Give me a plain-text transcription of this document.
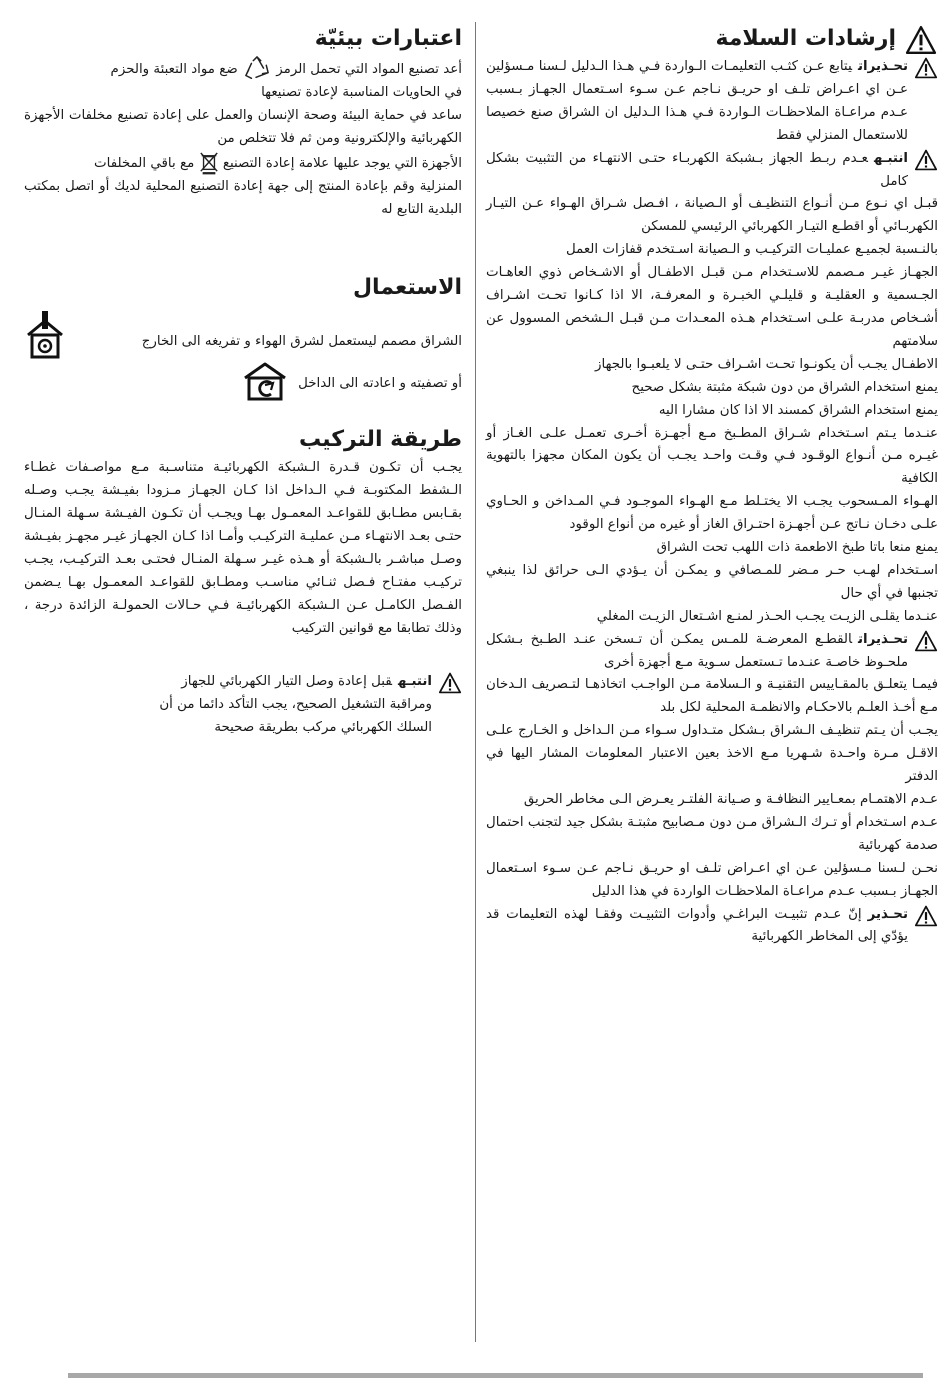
إرشادات السلامة

تحـذيراتيتابع عـن كثـب التعليمـات الـواردة فـي هـذا الـدليل لـسنا مـسؤلين عـن اي اعـراض تلـف او حريـق نـاجم عـن سـوء اسـتعمال الجهـاز بـسبب عـدم مراعـاة الملاحظـات الـواردة فـي هـذا الـدليل ان الشراق صنع خصيصا للاستعمال المنزلي فقط

انتبـهعـدم ربـط الجهاز بـشبكة الكهربـاء حتـى الانتهـاء من التثبيت بشكل كامل

قبـل اي نـوع مـن أنـواع التنظيـف أو الـصيانة ، افـصل شـراق الهـواء عـن التيـار الكهربـائي أو اقطـع التيـار الكهربائي الرئيسي للمسكن

بالنـسبة لجميـع عمليـات التركيـب و الـصيانة اسـتخدم قفازات العمل

الجهـاز غيـر مـصمم للاسـتخدام مـن قبـل الاطفـال أو الاشـخاص ذوي العاهـات الجـسمية و العقليـة و قليلـي الخبـرة و المعرفـة، الا اذا كـانوا تحـت اشـراف أشـخاص مدربـة علـى اسـتخدام هـذه المعـدات مـن قبـل الـشخص المسوول عن سلامتهم

الاطفـال يجـب أن يكونـوا تحـت اشـراف حتـى لا يلعبـوا بالجهاز

يمنع استخدام الشراق من دون شبكة مثبتة بشكل صحيح

يمنع استخدام الشراق كمسند الا اذا كان مشارا اليه

عنـدما يـتم اسـتخدام شـراق المطـبخ مـع أجهـزة أخـرى تعمـل علـى الغـاز أو غيـره مـن أنـواع الوقـود فـي وقـت واحـد يجـب أن يكون المكان مجهزا بالتهوية الكافية

الهـواء المـسحوب يجـب الا يختـلط مـع الهـواء الموجـود فـي المـداخن و الحـاوي علـى دخـان نـاتج عـن أجهـزة احتـراق الغاز أو غيره من أنواع الوقود

يمنع منعا باتا طبخ الاطعمة ذات اللهب تحت الشراق

اسـتخدام لهـب حـر مـضر للمـصافي و يمكـن أن يـؤدي الـى حرائق لذا ينبغي تجنبها في أي حال

عنـدما يقلـى الزيـت يجـب الحـذر لمنـع اشـتعال الزيـت المغلي

تحـذيراتالقطـع المعرضـة للمـس يمكـن أن تـسخن عنـد الطـبخ بـشكل ملحـوظ خاصـة عنـدما تـستعمل سـوية مـع أجهزة أخرى

فيمـا يتعلـق بالمقـاييس التقنيـة و الـسلامة مـن الواجـب اتخاذهـا لتـصريف الـدخان مـع أخـذ العلـم بالاحكـام والانظمـة المحلية لكل بلد

يجـب أن يـتم تنظيـف الـشراق بـشكل متـداول سـواء مـن الـداخل و الخـارج علـى الاقـل مـرة واحـدة شـهريا مـع الاخذ بعين الاعتبار المعلومات المشار اليها في الدفتر

عـدم الاهتمـام بمعـايير النظافـة و صـيانة الفلتـر يعـرض الـى مخاطر الحريق

عـدم اسـتخدام أو تـرك الـشراق مـن دون مـصابيح مثبتـة بشكل جيد لتجنب احتمال صدمة كهربائية

نحـن لـسنا مـسؤلين عـن اي اعـراض تلـف او حريـق نـاجم عـن سـوء اسـتعمال الجهـاز بـسبب عـدم مراعـاة الملاحظـات الواردة في هذا الدليل

تحـذيرإنّ عـدم تثبيـت البراغـي وأدوات التثبيـت وفقـا لهذه التعليمات قد يؤدّي إلى المخاطر الكهربائية

اعتبارات بيئيّة

أعد تصنيع المواد التي تحمل الرمز  ضع مواد التعبئة والحزم

في الحاويات المناسبة لإعادة تصنيعها

ساعد في حماية البيئة وصحة الإنسان والعمل على إعادة تصنيع مخلفات الأجهزة الكهربائية والإلكترونية ومن ثم فلا تتخلص من

الأجهزة التي يوجد عليها علامة إعادة التصنيع  مع باقي المخلفات

المنزلية وقم بإعادة المنتج إلى جهة إعادة التصنيع المحلية لديك أو اتصل بمكتب البلدية التابع له

الاستعمال

الشراق مصمم ليستعمل لشرق الهواء و تفريغه الى الخارج

أو تصفيته و اعادته الى الداخل

طريقة التركيب

يجـب أن تكـون قـدرة الـشبكة الكهربائيـة متناسـبة مـع مواصـفات غطـاء الـشفط المكتوبـة فـي الـداخل اذا كـان الجهـاز مـزودا بفيـشة يجـب وصـله بقـابس مطـابق للقواعـد المعمـول بهـا ويجـب أن تكـون الفيـشة سـهلة المنـال حتـى بعـد الانتهـاء مـن عمليـة التركيـب وأمـا اذا كـان الجهـاز غيـر مجهـز بفيـشة وصـل مباشـر بالـشبكة أو هـذه غيـر سـهلة المنـال فحتـى بعـد التركيـب، يجـب تركيـب مفتـاح فـصل ثنـائي مناسـب ومطـابق للقواعـد المعمـول بهـا يـضمن الفـصل الكامـل عـن الـشبكة الكهربائيـة فـي حـالات الحمولـة الزائدة درجة ، وذلك تطابقا مع قوانين التركيب

انتبـهقبل إعادة وصل التيار الكهربائي للجهاز ومراقبة التشغيل الصحيح، يجب التأكد دائما من أن السلك الكهربائي مركب بطريقة صحيحة
